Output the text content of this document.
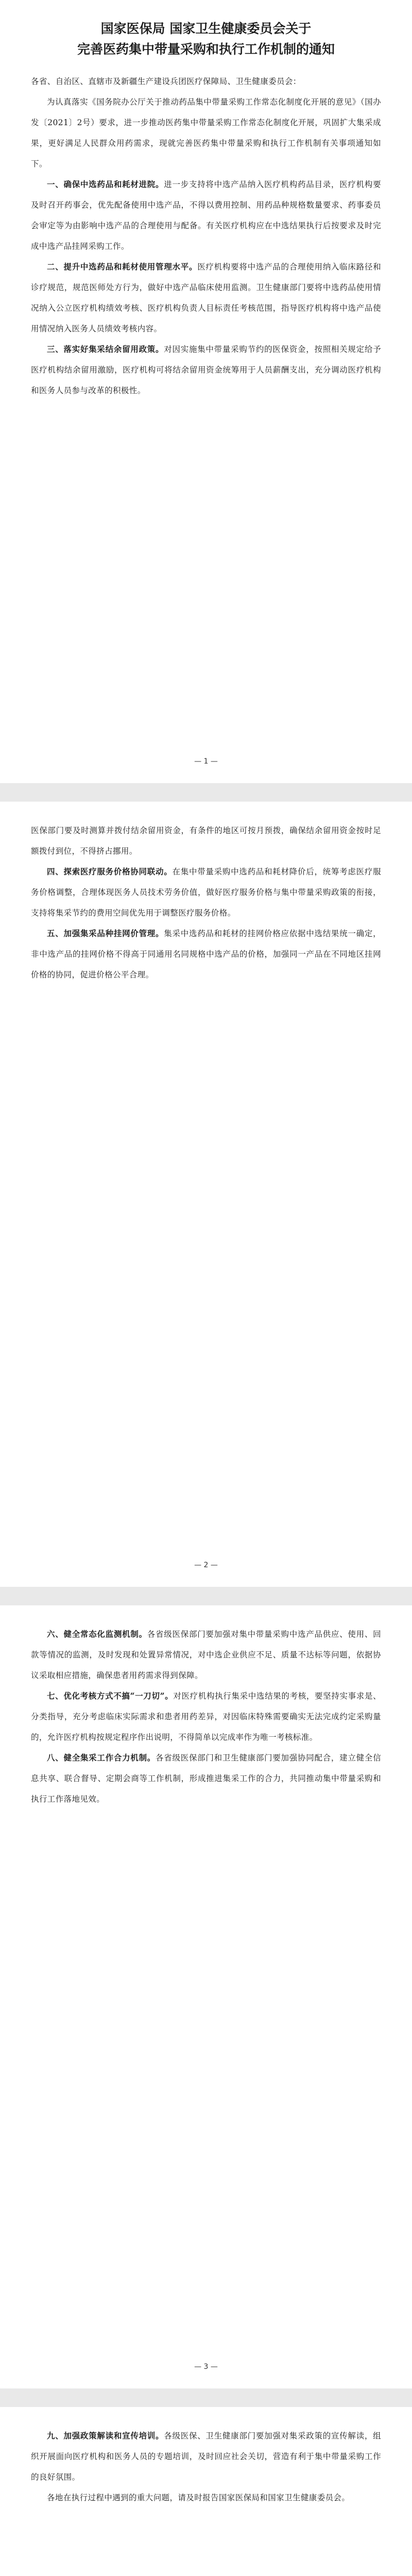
国家医保局 国家卫生健康委员会关于

完善医药集中带量采购和执行工作机制的通知

各省、自治区、直辖市及新疆生产建设兵团医疗保障局、卫生健康委员会：

为认真落实《国务院办公厅关于推动药品集中带量采购工作常态化制度化开展的意见》（国办发〔2021〕2号）要求，进一步推动医药集中带量采购工作常态化制度化开展，巩固扩大集采成果，更好满足人民群众用药需求，现就完善医药集中带量采购和执行工作机制有关事项通知如下。

一、确保中选药品和耗材进院。进一步支持将中选产品纳入医疗机构药品目录，医疗机构要及时召开药事会，优先配备使用中选产品，不得以费用控制、用药品种规格数量要求、药事委员会审定等为由影响中选产品的合理使用与配备。有关医疗机构应在中选结果执行后按要求及时完成中选产品挂网采购工作。

二、提升中选药品和耗材使用管理水平。医疗机构要将中选产品的合理使用纳入临床路径和诊疗规范，规范医师处方行为，做好中选产品临床使用监测。卫生健康部门要将中选药品使用情况纳入公立医疗机构绩效考核、医疗机构负责人目标责任考核范围，指导医疗机构将中选产品使用情况纳入医务人员绩效考核内容。

三、落实好集采结余留用政策。对因实施集中带量采购节约的医保资金，按照相关规定给予医疗机构结余留用激励，医疗机构可将结余留用资金统筹用于人员薪酬支出，充分调动医疗机构和医务人员参与改革的积极性。

— 1 —

医保部门要及时测算并拨付结余留用资金，有条件的地区可按月预拨，确保结余留用资金按时足额拨付到位，不得挤占挪用。

四、探索医疗服务价格协同联动。在集中带量采购中选药品和耗材降价后，统筹考虑医疗服务价格调整，合理体现医务人员技术劳务价值，做好医疗服务价格与集中带量采购政策的衔接，支持将集采节约的费用空间优先用于调整医疗服务价格。

五、加强集采品种挂网价管理。集采中选药品和耗材的挂网价格应依据中选结果统一确定，非中选产品的挂网价格不得高于同通用名同规格中选产品的价格，加强同一产品在不同地区挂网价格的协同，促进价格公平合理。

— 2 —

六、健全常态化监测机制。各省级医保部门要加强对集中带量采购中选产品供应、使用、回款等情况的监测，及时发现和处置异常情况，对中选企业供应不足、质量不达标等问题，依据协议采取相应措施，确保患者用药需求得到保障。

七、优化考核方式不搞“一刀切”。对医疗机构执行集采中选结果的考核，要坚持实事求是、分类指导，充分考虑临床实际需求和患者用药差异，对因临床特殊需要确实无法完成约定采购量的，允许医疗机构按规定程序作出说明，不得简单以完成率作为唯一考核标准。

八、健全集采工作合力机制。各省级医保部门和卫生健康部门要加强协同配合，建立健全信息共享、联合督导、定期会商等工作机制，形成推进集采工作的合力，共同推动集中带量采购和执行工作落地见效。

— 3 —

九、加强政策解读和宣传培训。各级医保、卫生健康部门要加强对集采政策的宣传解读，组织开展面向医疗机构和医务人员的专题培训，及时回应社会关切，营造有利于集中带量采购工作的良好氛围。

各地在执行过程中遇到的重大问题，请及时报告国家医保局和国家卫生健康委员会。
